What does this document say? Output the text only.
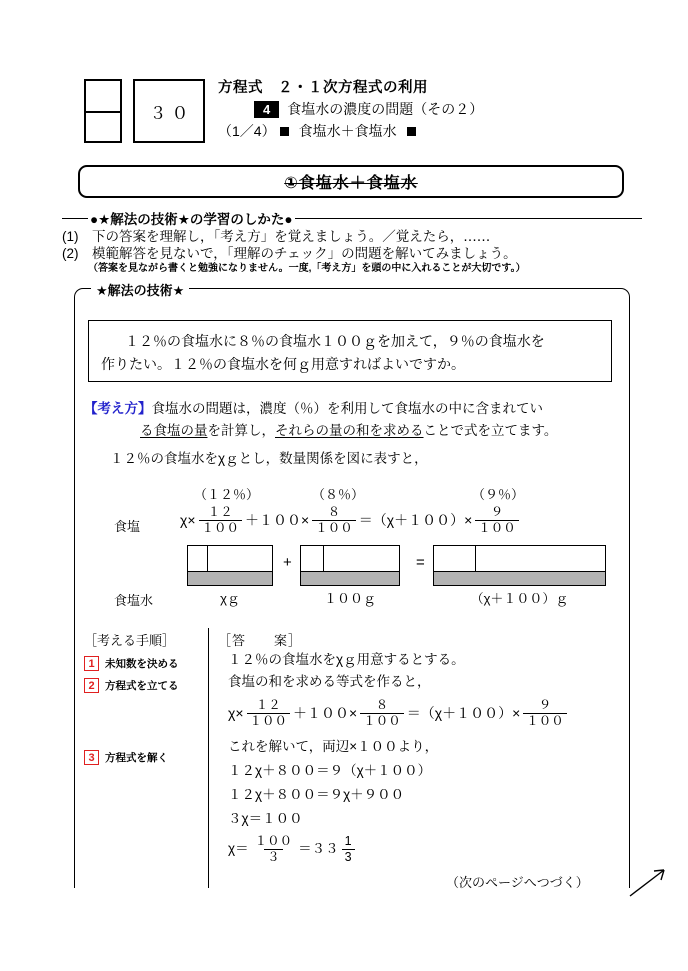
３０
方程式　２・１次方程式の利用
4	食塩水の濃度の問題（その２）
（1／4）	食塩水＋食塩水
①食塩水＋食塩水
●★解法の技術★の学習のしかた●
(1)　下の答案を理解し，「考え方」を覚えましょう。／覚えたら，‥‥‥
(2)　模範解答を見ないで，「理解のチェック」の問題を解いてみましょう。
（答案を見ながら書くと勉強になりません。一度,「考え方」を頭の中に入れることが大切です。）
★解法の技術★

１２％の食塩水に８％の食塩水１００ｇを加えて，９％の食塩水を

作りたい。１２％の食塩水を何ｇ用意すればよいですか。

【考え方】食塩水の問題は，濃度（％）を利用して食塩水の中に含まれてい
る食塩の量を計算し，それらの量の和を求めることで式を立てます。
１２％の食塩水をχｇとし，数量関係を図に表すと，
（１２％）	（８％）	（９％）
食塩
食塩水
$\chi\times \frac{12}{100} +100\times \frac{8}{100} =(\chi+100)\times \frac{9}{100}$
+	=
χｇ	１００ｇ	（χ＋１００）ｇ
［考える手順］
1 未知数を決める
2 方程式を立てる
3 方程式を解く
［答　　案］
１２％の食塩水をχｇ用意するとする。
食塩の和を求める等式を作ると，
$\chi\times \frac{12}{100} +100\times \frac{8}{100} =(\chi+100)\times \frac{9}{100}$
これを解いて，両辺×１００より，
１２χ＋８００＝９（χ＋１００）
１２χ＋８００＝９χ＋９００
３χ＝１００
$\chi= \frac{100}{3} =33 \frac{1}{3}$
（次のページへつづく）
